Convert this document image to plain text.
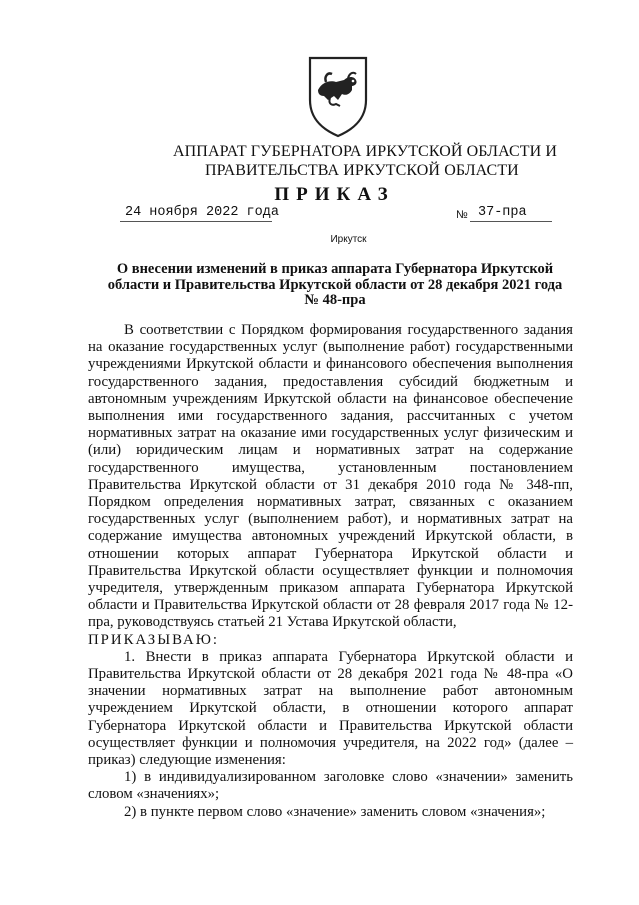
АППАРАТ ГУБЕРНАТОРА ИРКУТСКОЙ ОБЛАСТИ И
ПРАВИТЕЛЬСТВА ИРКУТСКОЙ ОБЛАСТИ
ПРИКАЗ
24 ноября 2022 года	№ 37-пра
Иркутск
О внесении изменений в приказ аппарата Губернатора Иркутской
области и Правительства Иркутской области от 28 декабря 2021 года
№ 48-пра

В соответствии с Порядком формирования государственного задания на оказание государственных услуг (выполнение работ) государственными учреждениями Иркутской области и финансового обеспечения выполнения государственного задания, предоставления субсидий бюджетным и автономным учреждениям Иркутской области на финансовое обеспечение выполнения ими государственного задания, рассчитанных с учетом нормативных затрат на оказание ими государственных услуг физическим и (или) юридическим лицам и нормативных затрат на содержание государственного имущества, установленным постановлением Правительства Иркутской области от 31 декабря 2010 года № 348-пп, Порядком определения нормативных затрат, связанных с оказанием государственных услуг (выполнением работ), и нормативных затрат на содержание имущества автономных учреждений Иркутской области, в отношении которых аппарат Губернатора Иркутской области и Правительства Иркутской области осуществляет функции и полномочия учредителя, утвержденным приказом аппарата Губернатора Иркутской области и Правительства Иркутской области от 28 февраля 2017 года № 12-пра, руководствуясь статьей 21 Устава Иркутской области,

ПРИКАЗЫВАЮ:

1. Внести в приказ аппарата Губернатора Иркутской области и Правительства Иркутской области от 28 декабря 2021 года № 48-пра «О значении нормативных затрат на выполнение работ автономным учреждением Иркутской области, в отношении которого аппарат Губернатора Иркутской области и Правительства Иркутской области осуществляет функции и полномочия учредителя, на 2022 год» (далее – приказ) следующие изменения:

1) в индивидуализированном заголовке слово «значении» заменить словом «значениях»;

2) в пункте первом слово «значение» заменить словом «значения»;
